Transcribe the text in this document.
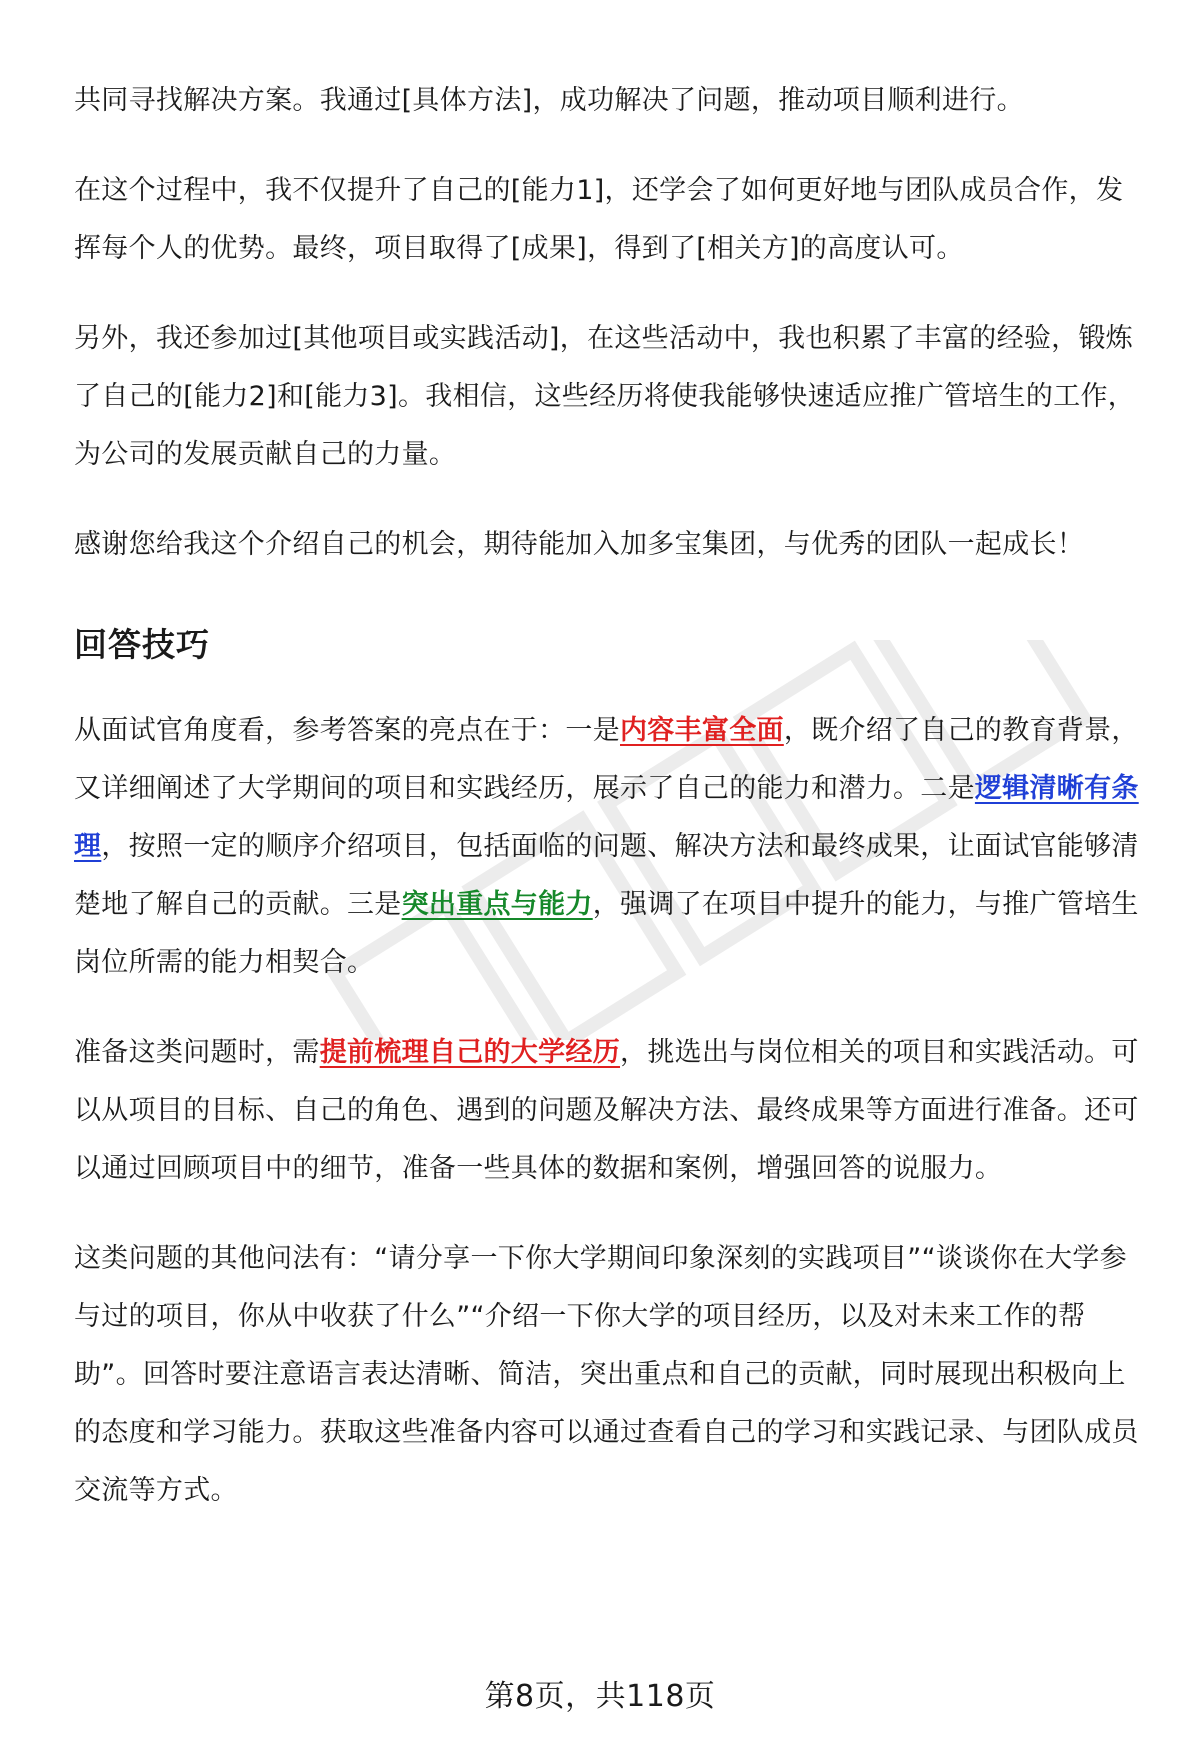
共同寻找解决方案。我通过[具体方法]，成功解决了问题，推动项目顺利进行。

在这个过程中，我不仅提升了自己的[能力1]，还学会了如何更好地与团队成员合作，发挥每个人的优势。最终，项目取得了[成果]，得到了[相关方]的高度认可。

另外，我还参加过[其他项目或实践活动]，在这些活动中，我也积累了丰富的经验，锻炼了自己的[能力2]和[能力3]。我相信，这些经历将使我能够快速适应推广管培生的工作，为公司的发展贡献自己的力量。

感谢您给我这个介绍自己的机会，期待能加入加多宝集团，与优秀的团队一起成长！

回答技巧

从面试官角度看，参考答案的亮点在于：一是内容丰富全面，既介绍了自己的教育背景，又详细阐述了大学期间的项目和实践经历，展示了自己的能力和潜力。二是逻辑清晰有条理，按照一定的顺序介绍项目，包括面临的问题、解决方法和最终成果，让面试官能够清楚地了解自己的贡献。三是突出重点与能力，强调了在项目中提升的能力，与推广管培生岗位所需的能力相契合。

准备这类问题时，需提前梳理自己的大学经历，挑选出与岗位相关的项目和实践活动。可以从项目的目标、自己的角色、遇到的问题及解决方法、最终成果等方面进行准备。还可以通过回顾项目中的细节，准备一些具体的数据和案例，增强回答的说服力。

这类问题的其他问法有：“请分享一下你大学期间印象深刻的实践项目”“谈谈你在大学参与过的项目，你从中收获了什么”“介绍一下你大学的项目经历，以及对未来工作的帮助”。回答时要注意语言表达清晰、简洁，突出重点和自己的贡献，同时展现出积极向上的态度和学习能力。获取这些准备内容可以通过查看自己的学习和实践记录、与团队成员交流等方式。

第8页，共118页
